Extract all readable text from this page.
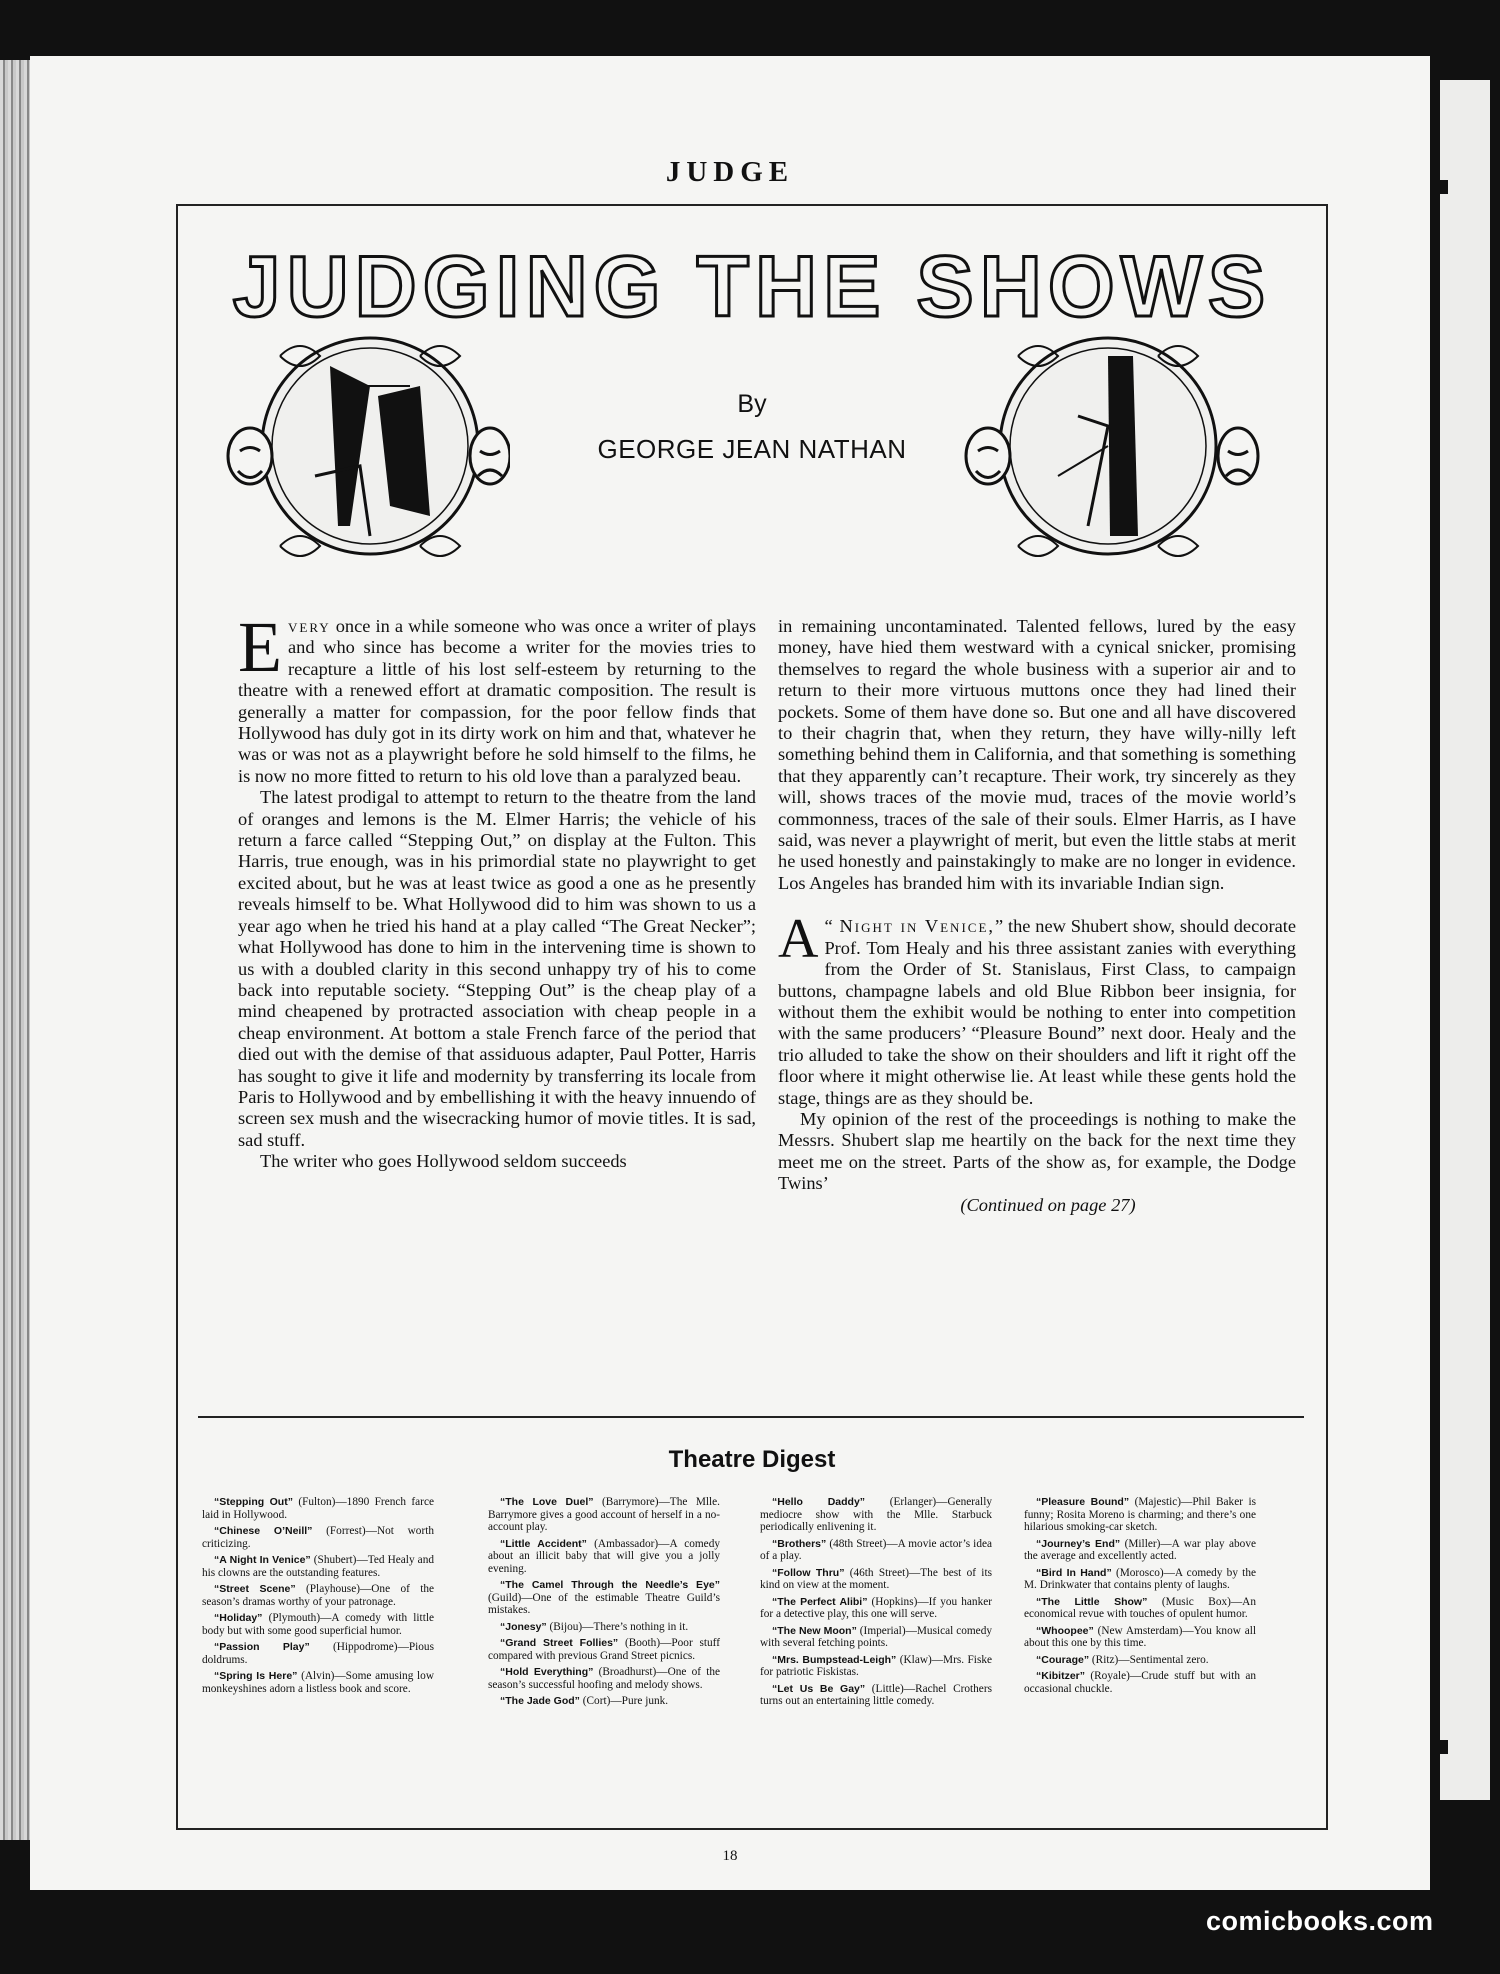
JUDGE
JUDGING THE SHOWS
By
GEORGE JEAN NATHAN

Every once in a while someone who was once a writer of plays and who since has become a writer for the movies tries to recapture a little of his lost self-esteem by returning to the theatre with a renewed effort at dramatic composition. The result is generally a matter for compassion, for the poor fellow finds that Hollywood has duly got in its dirty work on him and that, whatever he was or was not as a playwright before he sold himself to the films, he is now no more fitted to return to his old love than a paralyzed beau.

The latest prodigal to attempt to return to the theatre from the land of oranges and lemons is the M. Elmer Harris; the vehicle of his return a farce called “Stepping Out,” on display at the Fulton. This Harris, true enough, was in his primordial state no playwright to get excited about, but he was at least twice as good a one as he presently reveals himself to be. What Hollywood did to him was shown to us a year ago when he tried his hand at a play called “The Great Necker”; what Hollywood has done to him in the intervening time is shown to us with a doubled clarity in this second unhappy try of his to come back into reputable society. “Stepping Out” is the cheap play of a mind cheapened by protracted association with cheap people in a cheap environment. At bottom a stale French farce of the period that died out with the demise of that assiduous adapter, Paul Potter, Harris has sought to give it life and modernity by transferring its locale from Paris to Hollywood and by embellishing it with the heavy innuendo of screen sex mush and the wisecracking humor of movie titles. It is sad, sad stuff.

The writer who goes Hollywood seldom succeeds

in remaining uncontaminated. Talented fellows, lured by the easy money, have hied them westward with a cynical snicker, promising themselves to regard the whole business with a superior air and to return to their more virtuous muttons once they had lined their pockets. Some of them have done so. But one and all have discovered to their chagrin that, when they return, they have willy-nilly left something behind them in California, and that something is something that they apparently can’t recapture. Their work, try sincerely as they will, shows traces of the movie mud, traces of the movie world’s commonness, traces of the sale of their souls. Elmer Harris, as I have said, was never a playwright of merit, but even the little stabs at merit he used honestly and painstakingly to make are no longer in evidence. Los Angeles has branded him with its invariable Indian sign.

“
A Night in Venice,” the new Shubert show, should decorate Prof. Tom Healy and his three assistant zanies with everything from the Order of St. Stanislaus, First Class, to campaign buttons, champagne labels and old Blue Ribbon beer insignia, for without them the exhibit would be nothing to enter into competition with the same producers’ “Pleasure Bound” next door. Healy and the trio alluded to take the show on their shoulders and lift it right off the floor where it might otherwise lie. At least while these gents hold the stage, things are as they should be.

My opinion of the rest of the proceedings is nothing to make the Messrs. Shubert slap me heartily on the back for the next time they meet me on the street. Parts of the show as, for example, the Dodge Twins’

(Continued on page 27)

Theatre Digest

“Stepping Out” (Fulton)—1890 French farce laid in Hollywood.

“Chinese O’Neill” (Forrest)—Not worth criticizing.

“A Night In Venice” (Shubert)—Ted Healy and his clowns are the outstanding features.

“Street Scene” (Playhouse)—One of the season’s dramas worthy of your patronage.

“Holiday” (Plymouth)—A comedy with little body but with some good superficial humor.

“Passion Play” (Hippodrome)—Pious doldrums.

“Spring Is Here” (Alvin)—Some amusing low monkeyshines adorn a listless book and score.

“The Love Duel” (Barrymore)—The Mlle. Barrymore gives a good account of herself in a no-account play.

“Little Accident” (Ambassador)—A comedy about an illicit baby that will give you a jolly evening.

“The Camel Through the Needle’s Eye” (Guild)—One of the estimable Theatre Guild’s mistakes.

“Jonesy” (Bijou)—There’s nothing in it.

“Grand Street Follies” (Booth)—Poor stuff compared with previous Grand Street picnics.

“Hold Everything” (Broadhurst)—One of the season’s successful hoofing and melody shows.

“The Jade God” (Cort)—Pure junk.

“Hello Daddy” (Erlanger)—Generally mediocre show with the Mlle. Starbuck periodically enlivening it.

“Brothers” (48th Street)—A movie actor’s idea of a play.

“Follow Thru” (46th Street)—The best of its kind on view at the moment.

“The Perfect Alibi” (Hopkins)—If you hanker for a detective play, this one will serve.

“The New Moon” (Imperial)—Musical comedy with several fetching points.

“Mrs. Bumpstead-Leigh” (Klaw)—Mrs. Fiske for patriotic Fiskistas.

“Let Us Be Gay” (Little)—Rachel Crothers turns out an entertaining little comedy.

“Pleasure Bound” (Majestic)—Phil Baker is funny; Rosita Moreno is charming; and there’s one hilarious smoking-car sketch.

“Journey’s End” (Miller)—A war play above the average and excellently acted.

“Bird In Hand” (Morosco)—A comedy by the M. Drinkwater that contains plenty of laughs.

“The Little Show” (Music Box)—An economical revue with touches of opulent humor.

“Whoopee” (New Amsterdam)—You know all about this one by this time.

“Courage” (Ritz)—Sentimental zero.

“Kibitzer” (Royale)—Crude stuff but with an occasional chuckle.

18
comicbooks.com
